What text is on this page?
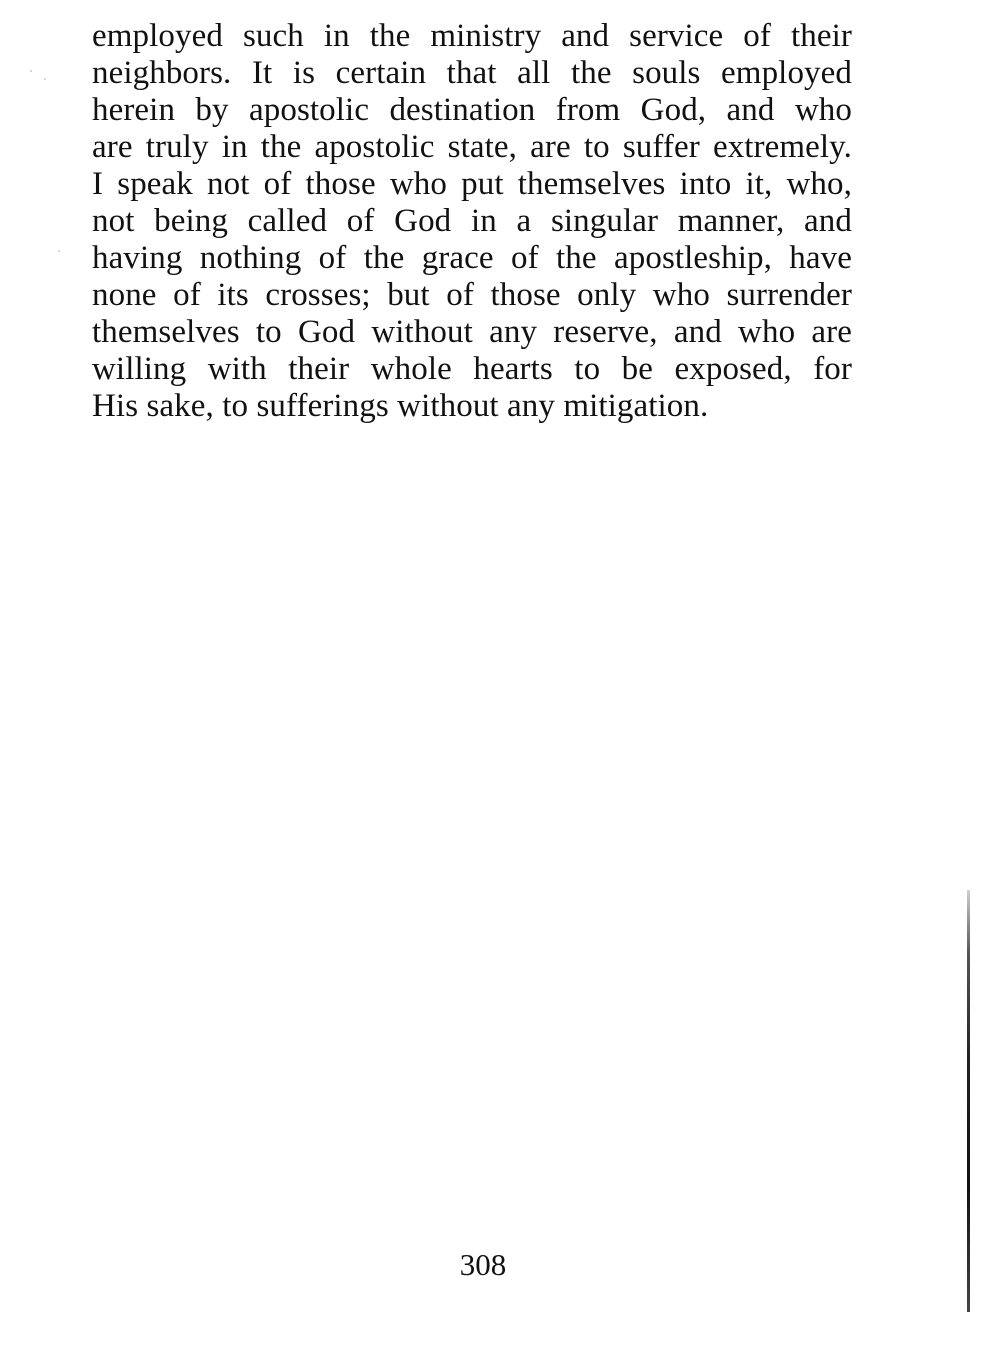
employed such in the ministry and service of their
neighbors. It is certain that all the souls employed
herein by apostolic destination from God, and who
are truly in the apostolic state, are to suffer extremely.
I speak not of those who put themselves into it, who,
not being called of God in a singular manner, and
having nothing of the grace of the apostleship, have
none of its crosses; but of those only who surrender
themselves to God without any reserve, and who are
willing with their whole hearts to be exposed, for
His sake, to sufferings without any mitigation.
308
